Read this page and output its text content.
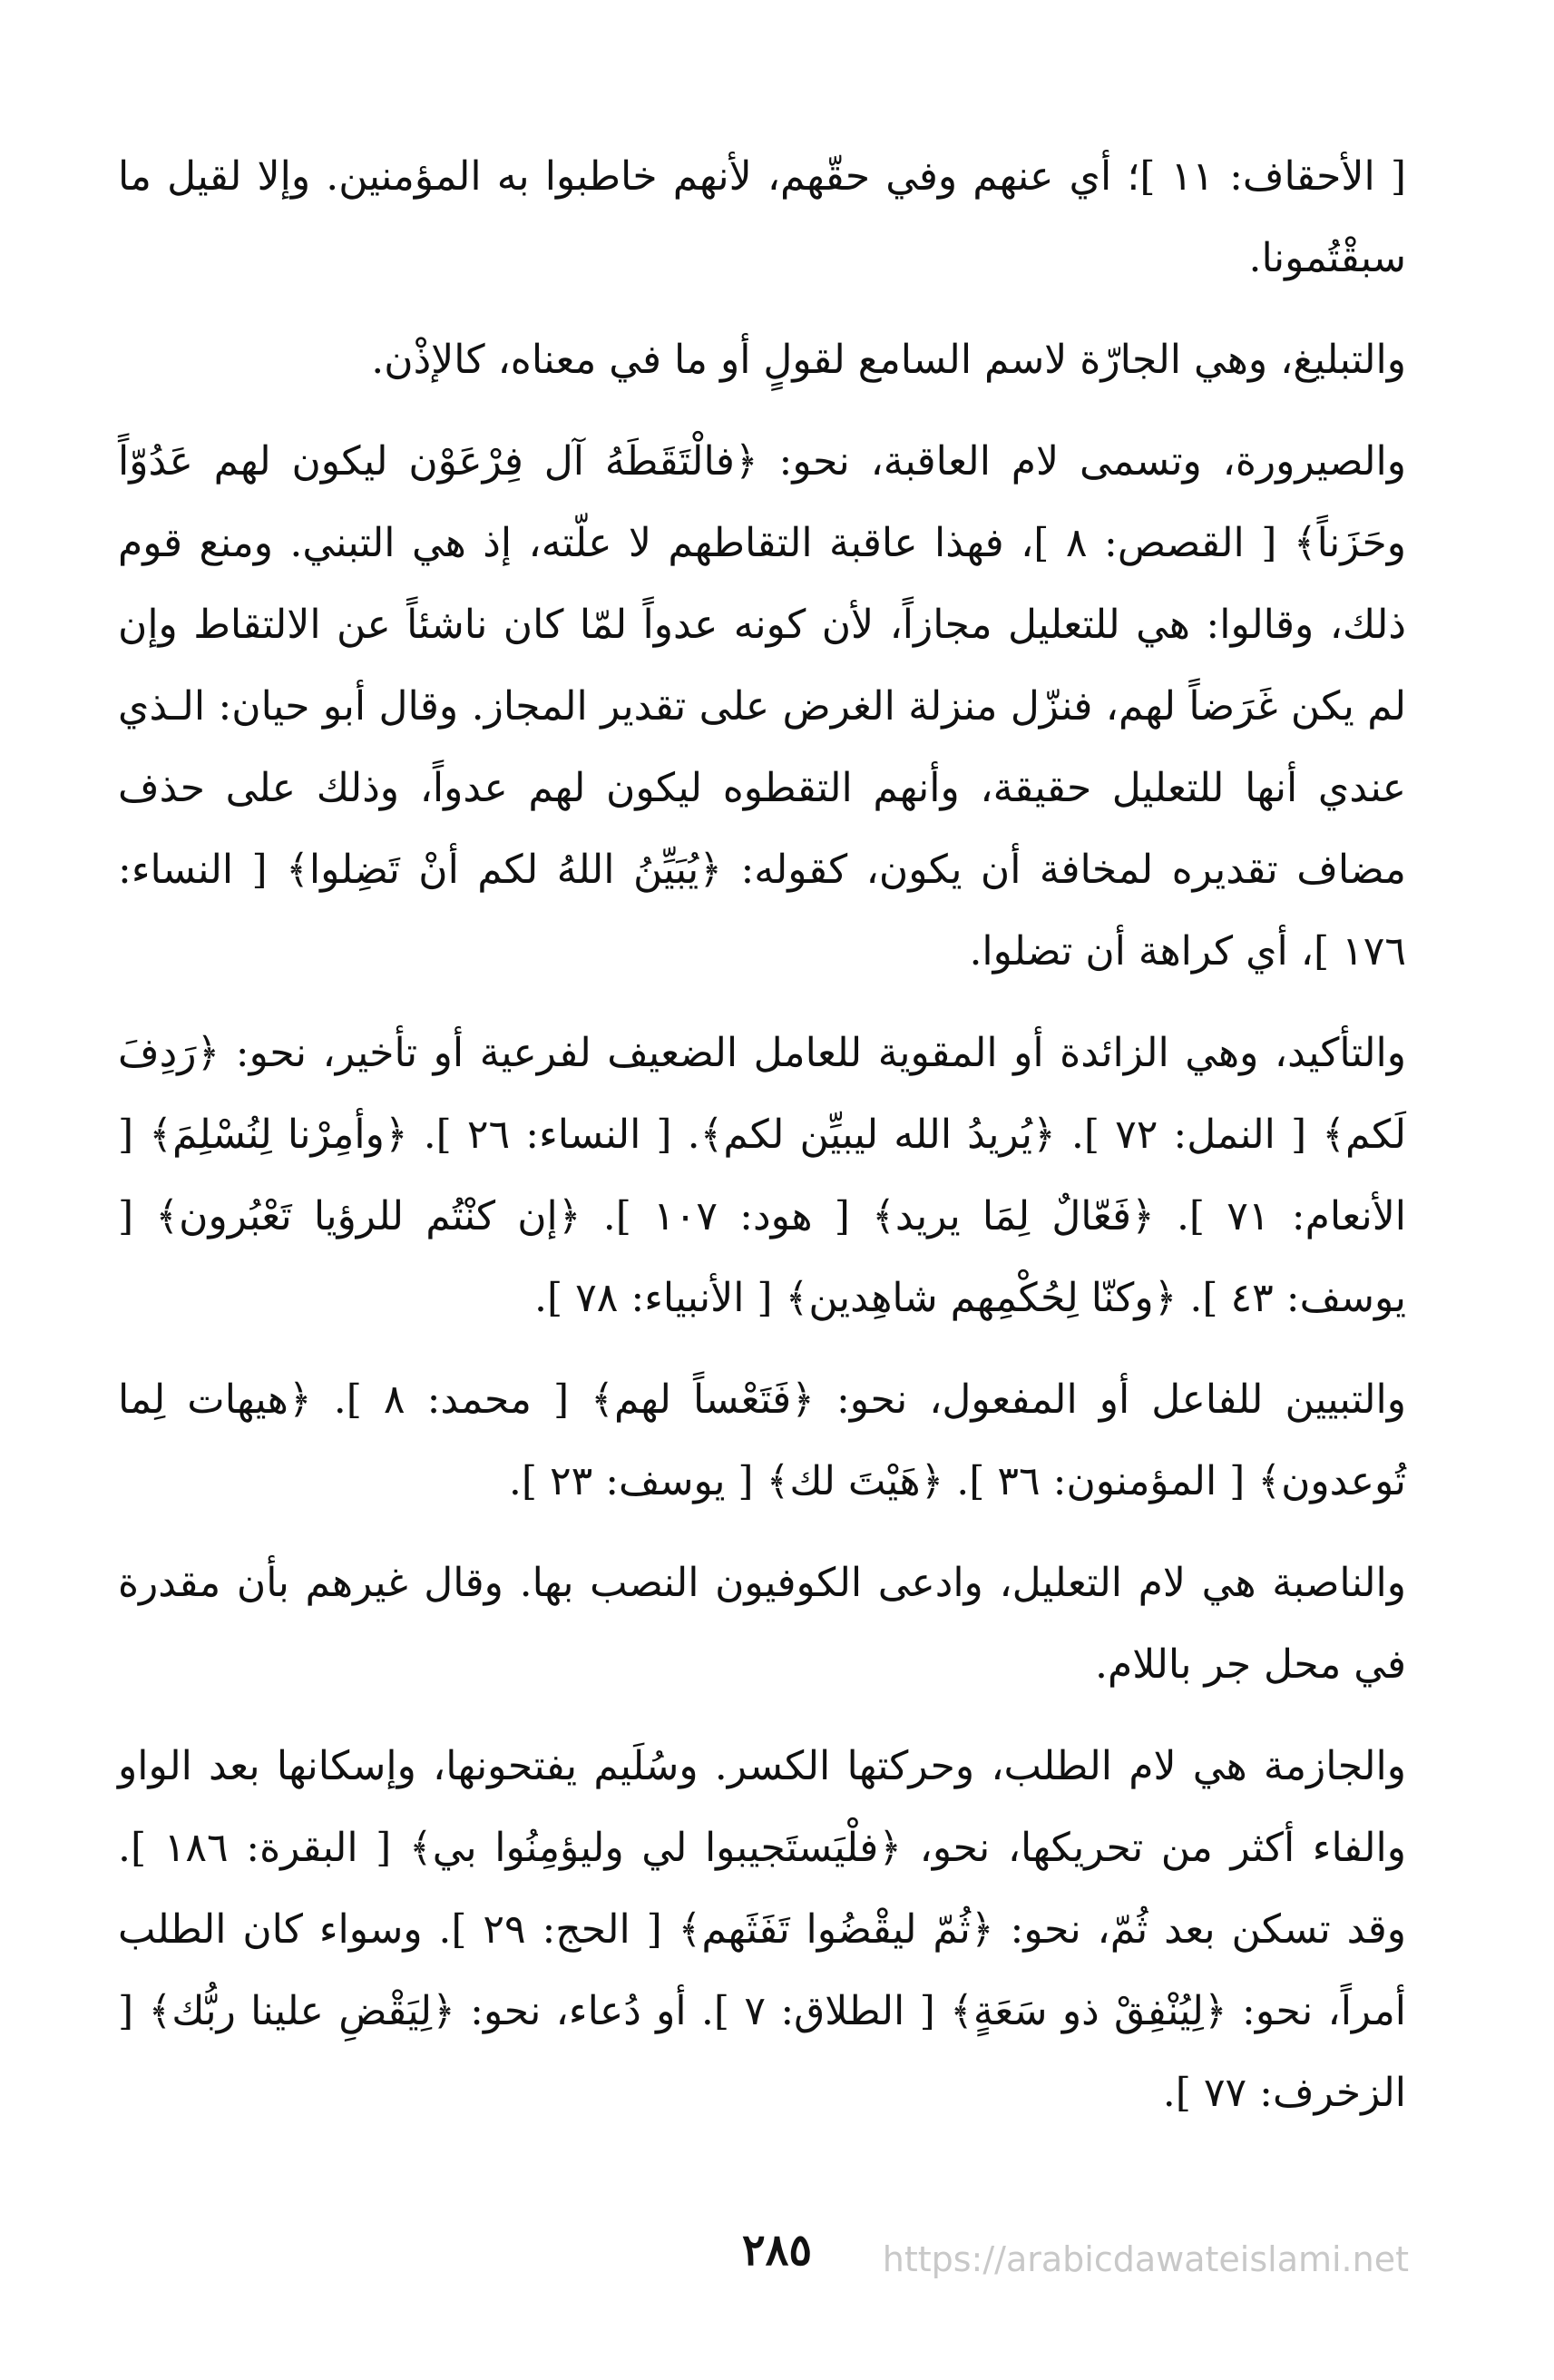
[ الأحقاف: ١١ ]؛ أي عنهم وفي حقّهم، لأنهم خاطبوا به المؤمنين. وإلا لقيل ما سبقْتُمونا.

والتبليغ، وهي الجارّة لاسم السامع لقولٍ أو ما في معناه، كالإذْن.

والصيرورة، وتسمى لام العاقبة، نحو: ﴿فالْتَقَطَهُ آل فِرْعَوْن ليكون لهم عَدُوّاً وحَزَناً﴾ [ القصص: ٨ ]، فهذا عاقبة التقاطهم لا علّته، إذ هي التبني. ومنع قوم ذلك، وقالوا: هي للتعليل مجازاً، لأن كونه عدواً لمّا كان ناشئاً عن الالتقاط وإن لم يكن غَرَضاً لهم، فنزّل منزلة الغرض على تقدير المجاز. وقال أبو حيان: الـذي عندي أنها للتعليل حقيقة، وأنهم التقطوه ليكون لهم عدواً، وذلك على حذف مضاف تقديره لمخافة أن يكون، كقوله: ﴿يُبَيِّنُ اللهُ لكم أنْ تَضِلوا﴾ [ النساء: ١٧٦ ]، أي كراهة أن تضلوا.

والتأكيد، وهي الزائدة أو المقوية للعامل الضعيف لفرعية أو تأخير، نحو: ﴿رَدِفَ لَكم﴾ [ النمل: ٧٢ ]. ﴿يُريدُ الله ليبيِّن لكم﴾. [ النساء: ٢٦ ]. ﴿وأمِرْنا لِنُسْلِمَ﴾ [ الأنعام: ٧١ ]. ﴿فَعّالٌ لِمَا يريد﴾ [ هود: ١٠٧ ]. ﴿إن كنْتُم للرؤيا تَعْبُرون﴾ [ يوسف: ٤٣ ]. ﴿وكنّا لِحُكْمِهم شاهِدين﴾ [ الأنبياء: ٧٨ ].

والتبيين للفاعل أو المفعول، نحو: ﴿فَتَعْساً لهم﴾ [ محمد: ٨ ]. ﴿هيهات لِما تُوعدون﴾ [ المؤمنون: ٣٦ ]. ﴿هَيْتَ لك﴾ [ يوسف: ٢٣ ].

والناصبة هي لام التعليل، وادعى الكوفيون النصب بها. وقال غيرهم بأن مقدرة في محل جر باللام.

والجازمة هي لام الطلب، وحركتها الكسر. وسُلَيم يفتحونها، وإسكانها بعد الواو والفاء أكثر من تحريكها، نحو، ﴿فلْيَستَجيبوا لي وليؤمِنُوا بي﴾ [ البقرة: ١٨٦ ]. وقد تسكن بعد ثُمّ، نحو: ﴿ثُمّ ليقْضُوا تَفَثَهم﴾ [ الحج: ٢٩ ]. وسواء كان الطلب أمراً، نحو: ﴿لِيُنْفِقْ ذو سَعَةٍ﴾ [ الطلاق: ٧ ]. أو دُعاء، نحو: ﴿لِيَقْضِ علينا ربُّك﴾ [ الزخرف: ٧٧ ].

٢٨٥	https://arabicdawateislami.net
